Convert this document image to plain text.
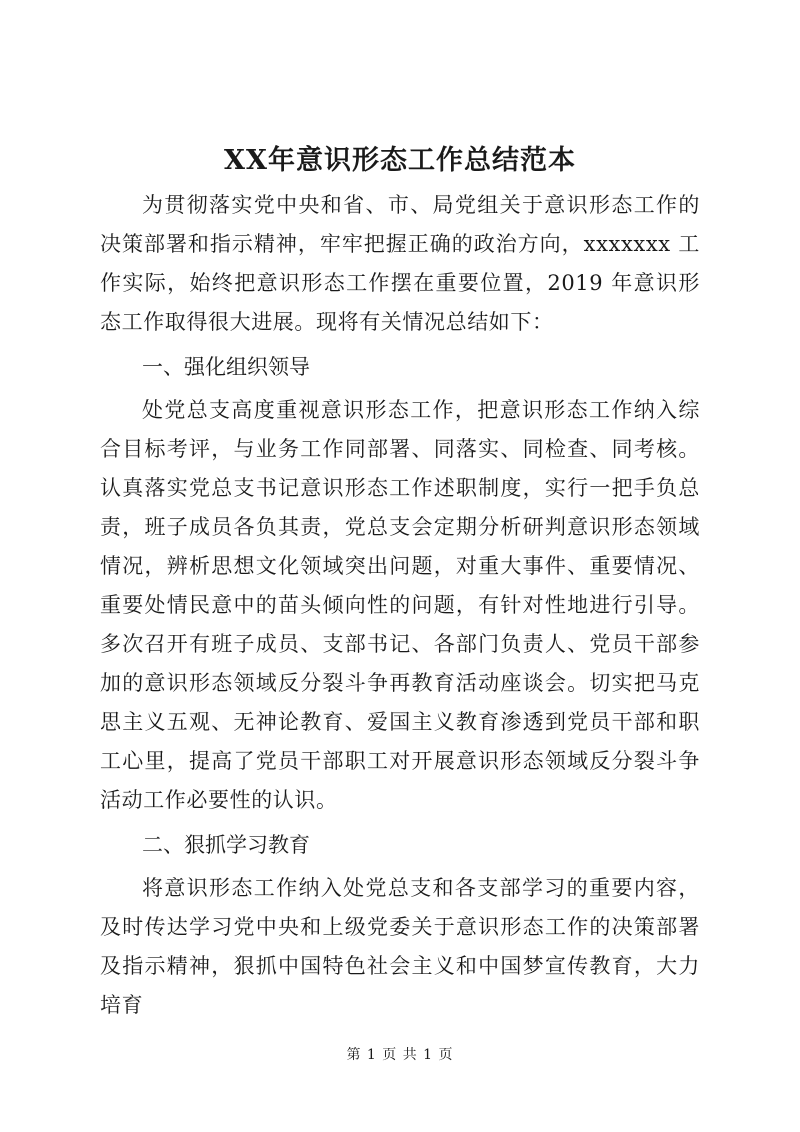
XX年意识形态工作总结范本

为贯彻落实党中央和省、市、局党组关于意识形态工作的决策部署和指示精神，牢牢把握正确的政治方向，xxxxxxx 工作实际，始终把意识形态工作摆在重要位置，2019 年意识形态工作取得很大进展。现将有关情况总结如下：

一、强化组织领导

处党总支高度重视意识形态工作，把意识形态工作纳入综合目标考评，与业务工作同部署、同落实、同检查、同考核。认真落实党总支书记意识形态工作述职制度，实行一把手负总责，班子成员各负其责，党总支会定期分析研判意识形态领域情况，辨析思想文化领域突出问题，对重大事件、重要情况、重要处情民意中的苗头倾向性的问题，有针对性地进行引导。多次召开有班子成员、支部书记、各部门负责人、党员干部参加的意识形态领域反分裂斗争再教育活动座谈会。切实把马克思主义五观、无神论教育、爱国主义教育渗透到党员干部和职工心里，提高了党员干部职工对开展意识形态领域反分裂斗争活动工作必要性的认识。

二、狠抓学习教育

将意识形态工作纳入处党总支和各支部学习的重要内容，及时传达学习党中央和上级党委关于意识形态工作的决策部署及指示精神，狠抓中国特色社会主义和中国梦宣传教育，大力培育

第 1 页 共 1 页
